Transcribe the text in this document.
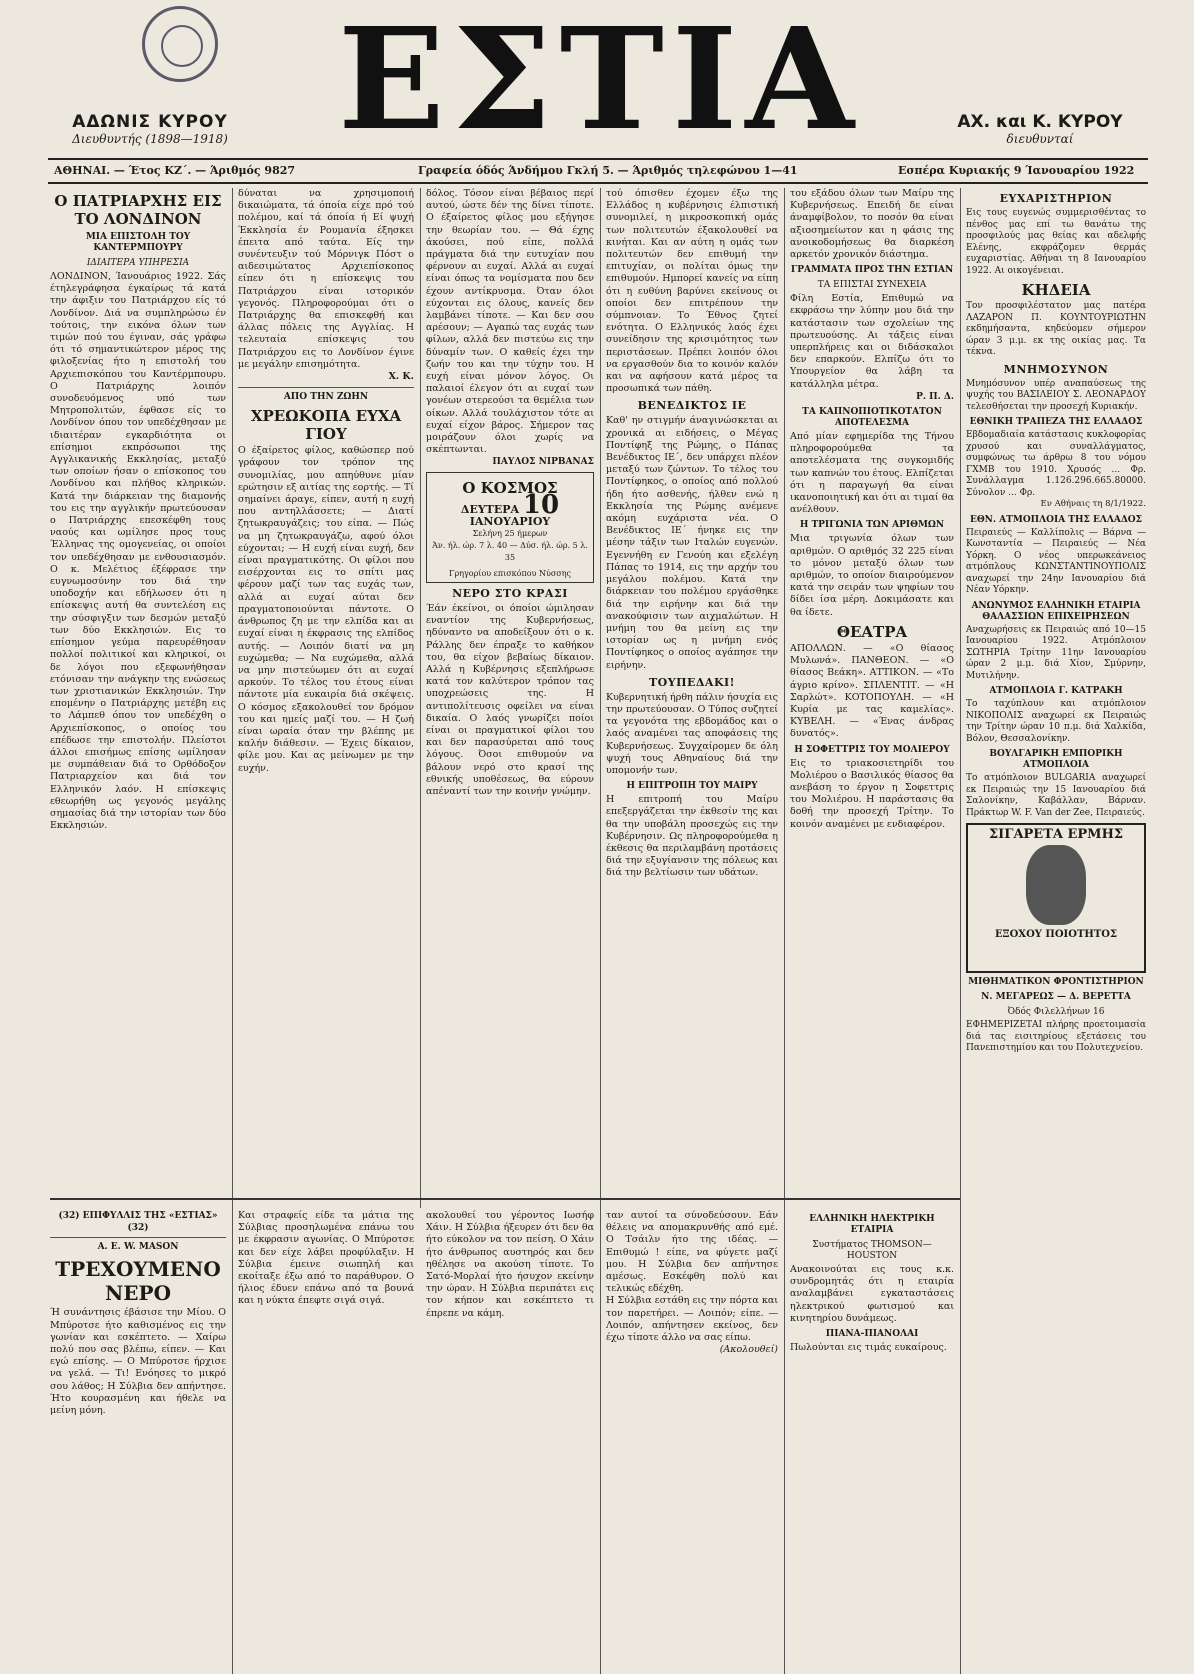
ΕΣΤΙΑ
ΑΔΩΝΙΣ ΚΥΡΟΥ
Διευθυντής (1898—1918)
ΑΧ. και Κ. ΚΥΡΟΥ
διευθυνταί
ΑΘΗΝΑΙ. — Έτος ΚΖ΄. — Άριθμός 9827	Γραφεία όδός Άνδήμου Γκλή 5. — Άριθμός τηλεφώνου 1—41	Εσπέρα Κυριακής 9 Ίανουαρίου 1922
Ο ΠΑΤΡΙΑΡΧΗΣ ΕΙΣ ΤΟ ΛΟΝΔΙΝΟΝ
ΜΙΑ ΕΠΙΣΤΟΛΗ ΤΟΥ ΚΑΝΤΕΡΜΠΟΥΡΥ
ΙΔΙΑΙΤΕΡΑ ΥΠΗΡΕΣΙΑ

ΛΟΝΔΙΝΟΝ, Ίανουάριος 1922. Σάς έτηλεγράφησα έγκαίρως τά κατά την άφιξιν του Πατριάρχου είς τό Λονδίνον. Διά να συμπληρώσω έν τούτοις, την εικόνα όλων των τιμών πού του έγιναν, σάς γράφω ότι τό σημαντικώτερον μέρος της φιλοξενίας ήτο η επιστολή του Αρχιεπισκόπου του Καντέρμπουρυ. Ο Πατριάρχης λοιπόν συνοδευόμενος υπό των Μητροπολιτών, έφθασε είς το Λονδίνον όπου τον υπεδέχθησαν με ιδιαιτέραν εγκαρδιότητα οι επίσημοι εκπρόσωποι της Αγγλικανικής Εκκλησίας, μεταξύ των οποίων ήσαν ο επίσκοπος του Λονδίνου και πλήθος κληρικών. Κατά την διάρκειαν της διαμονής του εις την αγγλικήν πρωτεύουσαν ο Πατριάρχης επεσκέφθη τους ναούς και ωμίλησε προς τους Έλληνας της ομογενείας, οι οποίοι τον υπεδέχθησαν με ενθουσιασμόν. Ο κ. Μελέτιος έξέφρασε την ευγνωμοσύνην του διά την υποδοχήν και εδήλωσεν ότι η επίσκεψις αυτή θα συντελέση εις την σύσφιγξιν των δεσμών μεταξύ των δύο Εκκλησιών. Εις το επίσημον γεύμα παρευρέθησαν πολλοί πολιτικοί και κληρικοί, οι δε λόγοι που εξεφωνήθησαν ετόνισαν την ανάγκην της ενώσεως των χριστιανικών Εκκλησιών. Την επομένην ο Πατριάρχης μετέβη εις το Λάμπεθ όπου τον υπεδέχθη ο Αρχιεπίσκοπος, ο οποίος του επέδωσε την επιστολήν. Πλείστοι άλλοι επισήμως επίσης ωμίλησαν με συμπάθειαν διά το Ορθόδοξον Πατριαρχείον και διά τον Ελληνικόν λαόν. Η επίσκεψις εθεωρήθη ως γεγονός μεγάλης σημασίας διά την ιστορίαν των δύο Εκκλησιών.

δύναται να χρησιμοποιή δικαιώματα, τά όποία είχε πρό τού πολέμου, καί τά όποία ή Εί ψυχή Έκκλησία έν Ρουμανία έξησκει έπειτα από ταύτα. Είς την συνέντευξιν τού Μόρνιγκ Πόστ ο αιδεσιμώτατος Αρχιεπίσκοπος είπεν ότι η επίσκεψις του Πατριάρχου είναι ιστορικόν γεγονός. Πληροφορούμαι ότι ο Πατριάρχης θα επισκεφθή και άλλας πόλεις της Αγγλίας. Η τελευταία επίσκεψις του Πατριάρχου εις το Λονδίνον έγινε με μεγάλην επισημότητα.

Χ. Κ.
ΑΠΟ ΤΗΝ ΖΩΗΝ
ΧΡΕΩΚΟΠΑ ΕΥΧΑ ΓΙΟΥ

Ο έξαίρετος φίλος, καθώσπερ πού γράφουν τον τρόπον της συνομιλίας, μου απηύθυνε μίαν ερώτησιν εξ αιτίας της εορτής. — Τί σημαίνει άραγε, είπεν, αυτή η ευχή που αντηλλάσσετε; — Διατί ζητωκραυγάζεις; του είπα. — Πώς να μη ζητωκραυγάζω, αφού όλοι εύχονται; — Η ευχή είναι ευχή, δεν είναι πραγματικότης. Οι φίλοι που εισέρχονται εις το σπίτι μας φέρουν μαζί των τας ευχάς των, αλλά αι ευχαί αύται δεν πραγματοποιούνται πάντοτε. Ο άνθρωπος ζη με την ελπίδα και αι ευχαί είναι η έκφρασις της ελπίδος αυτής. — Λοιπόν διατί να μη ευχώμεθα; — Να ευχώμεθα, αλλά να μην πιστεύωμεν ότι αι ευχαί αρκούν. Το τέλος του έτους είναι πάντοτε μία ευκαιρία διά σκέψεις. Ο κόσμος εξακολουθεί τον δρόμον του και ημείς μαζί του. — Η ζωή είναι ωραία όταν την βλέπης με καλήν διάθεσιν. — Έχεις δίκαιον, φίλε μου. Και ας μείνωμεν με την ευχήν.

δόλος. Τόσον είναι βέβαιος περί αυτού, ώστε δέν της δίνει τίποτε. Ο έξαίρετος φίλος μου εξήγησε την θεωρίαν του. — Θά έχης άκούσει, πού είπε, πολλά πράγματα διά την ευτυχίαν που φέρνουν αι ευχαί. Αλλά αι ευχαί είναι όπως τα νομίσματα που δεν έχουν αντίκρυσμα. Όταν όλοι εύχονται εις όλους, κανείς δεν λαμβάνει τίποτε. — Και δεν σου αρέσουν; — Αγαπώ τας ευχάς των φίλων, αλλά δεν πιστεύω εις την δύναμίν των. Ο καθείς έχει την ζωήν του και την τύχην του. Η ευχή είναι μόνον λόγος. Οι παλαιοί έλεγον ότι αι ευχαί των γονέων στερεούσι τα θεμέλια των οίκων. Αλλά τουλάχιστον τότε αι ευχαί είχον βάρος. Σήμερον τας μοιράζουν όλοι χωρίς να σκέπτωνται.

ΠΑΥΛΟΣ ΝΙΡΒΑΝΑΣ
Ο ΚΟΣΜΟΣ
ΔΕΥΤΕΡΑ 10 ΙΑΝΟΥΑΡΙΟΥ
Σελήνη 25 ήμερων
Άν. ήλ. ώρ. 7 λ. 40 — Δύσ. ήλ. ώρ. 5 λ. 35
Γρηγορίου επισκόπου Νύσσης
ΝΕΡΟ ΣΤΟ ΚΡΑΣΙ

Έάν έκείνοι, οι όποίοι ώμιλησαν εναντίον της Κυβερνήσεως, ηδύναντο να αποδείξουν ότι ο κ. Ράλλης δεν έπραξε το καθήκον του, θα είχον βεβαίως δίκαιον. Αλλά η Κυβέρνησις εξεπλήρωσε κατά τον καλύτερον τρόπον τας υποχρεώσεις της. Η αντιπολίτευσις οφείλει να είναι δικαία. Ο λαός γνωρίζει ποίοι είναι οι πραγματικοί φίλοι του και δεν παρασύρεται από τους λόγους. Όσοι επιθυμούν να βάλουν νερό στο κρασί της εθνικής υποθέσεως, θα εύρουν απέναντί των την κοινήν γνώμην.

τού όπισθεν έχομεν έξω της Ελλάδος η κυβέρνησις έλπιστική συνομιλεί, η μικροσκοπική ομάς των πολιτευτών έξακολουθεί να κινήται. Και αν αύτη η ομάς των πολιτευτών δεν επιθυμή την επιτυχίαν, οι πολίται όμως την επιθυμούν. Ημπορεί κανείς να είπη ότι η ευθύνη βαρύνει εκείνους οι οποίοι δεν επιτρέπουν την σύμπνοιαν. Το Έθνος ζητεί ενότητα. Ο Ελληνικός λαός έχει συνείδησιν της κρισιμότητος των περιστάσεων. Πρέπει λοιπόν όλοι να εργασθούν δια το κοινόν καλόν και να αφήσουν κατά μέρος τα προσωπικά των πάθη.

ΒΕΝΕΔΙΚΤΟΣ ΙΕ

Καθ' ην στιγμήν άναγινώσκεται αι χρονικά αι ειδήσεις, ο Μέγας Ποντίφηξ της Ρώμης, ο Πάπας Βενέδικτος ΙΕ΄, δεν υπάρχει πλέον μεταξύ των ζώντων. Το τέλος του Ποντίφηκος, ο οποίος από πολλού ήδη ήτο ασθενής, ήλθεν ενώ η Εκκλησία της Ρώμης ανέμενε ακόμη ευχάριστα νέα. Ο Βενέδικτος ΙΕ΄ ήνηκε εις την μέσην τάξιν των Ιταλών ευγενών. Εγεννήθη εν Γενούη και εξελέγη Πάπας το 1914, εις την αρχήν του μεγάλου πολέμου. Κατά την διάρκειαν του πολέμου εργάσθηκε διά την ειρήνην και διά την ανακούφισιν των αιχμαλώτων. Η μνήμη του θα μείνη εις την ιστορίαν ως η μνήμη ενός Ποντίφηκος ο οποίος αγάπησε την ειρήνην.

ΤΟΥΠΕΔΑΚΙ!

Κυβερνητική ήρθη πάλιν ήσυχία εις την πρωτεύουσαν. Ο Τύπος συζητεί τα γεγονότα της εβδομάδος και ο λαός αναμένει τας αποφάσεις της Κυβερνήσεως. Συγχαίρομεν δε όλη ψυχή τους Αθηναίους διά την υπομονήν των.

Η ΕΠΙΤΡΟΠΗ ΤΟΥ ΜΑΙΡΥ

Η επιτροπή του Μαίρυ επεξεργάζεται την έκθεσίν της και θα την υποβάλη προσεχώς εις την Κυβέρνησιν. Ως πληροφορούμεθα η έκθεσις θα περιλαμβάνη προτάσεις διά την εξυγίανσιν της πόλεως και διά την βελτίωσιν των υδάτων.

του εξάδου όλων των Μαίρυ της Κυβερνήσεως. Επειδή δε είναι άναμφίβολον, το ποσόν θα είναι αξιοσημείωτον και η φάσις της ανοικοδομήσεως θα διαρκέση αρκετόν χρονικόν διάστημα.

ΓΡΑΜΜΑΤΑ ΠΡΟΣ ΤΗΝ ΕΣΤΙΑΝ
ΤΑ ΕΠΙΣΤΑΙ ΣΥΝΕΧΕΙΑ

Φίλη Εστία, Επιθυμώ να εκφράσω την λύπην μου διά την κατάστασιν των σχολείων της πρωτευούσης. Αι τάξεις είναι υπερπλήρεις και οι διδάσκαλοι δεν επαρκούν. Ελπίζω ότι το Υπουργείον θα λάβη τα κατάλληλα μέτρα.

Ρ. Π. Δ.
ΤΑ ΚΑΠΝΟΠΙΟΤΙΚΟΤΑΤΟΝ ΑΠΟΤΕΛΕΣΜΑ

Από μίαν εφημερίδα της Τήνου πληροφορούμεθα τα αποτελέσματα της συγκομιδής των καπνών του έτους. Ελπίζεται ότι η παραγωγή θα είναι ικανοποιητική και ότι αι τιμαί θα ανέλθουν.

Η ΤΡΙΓΩΝΙΑ ΤΩΝ ΑΡΙΘΜΩΝ

Μια τριγωνία όλων των αριθμών. Ο αριθμός 32 225 είναι το μόνον μεταξύ όλων των αριθμών, το οποίον διαιρούμενον κατά την σειράν των ψηφίων του δίδει ίσα μέρη. Δοκιμάσατε και θα ίδετε.

ΘΕΑΤΡΑ

ΑΠΟΛΛΩΝ. — «Ο θίασος Μυλωνά». ΠΑΝΘΕΟΝ. — «Ο θίασος Βεάκη». ΑΤΤΙΚΟΝ. — «Το άγριο κρίνο». ΣΠΛΕΝΤΙΤ. — «Η Σαρλώτ». ΚΟΤΟΠΟΥΛΗ. — «Η Κυρία με τας καμελίας». ΚΥΒΕΛΗ. — «Ένας άνδρας δυνατός».

Η ΣΟΦΕΤΤΡΙΣ ΤΟΥ ΜΟΛΙΕΡΟΥ

Εις το τριακοσιετηρίδι του Μολιέρου ο Βασιλικός θίασος θα ανεβάση το έργον η Σοφεττρις του Μολιέρου. Η παράστασις θα δοθή την προσεχή Τρίτην. Το κοινόν αναμένει με ενδιαφέρον.

ΕΥΧΑΡΙΣΤΗΡΙΟΝ

Εις τους ευγενώς συμμερισθέντας το πένθος μας επί τω θανάτω της προσφιλούς μας θείας και αδελφής Ελένης, εκφράζομεν θερμάς ευχαριστίας. Αθήναι τη 8 Ιανουαρίου 1922. Αι οικογένειαι.

ΚΗΔΕΙΑ

Τον προσφιλέστατον μας πατέρα ΛΑΖΑΡΟΝ Π. ΚΟΥΝΤΟΥΡΙΩΤΗΝ εκδημήσαντα, κηδεύομεν σήμερον ώραν 3 μ.μ. εκ της οικίας μας. Τα τέκνα.

ΜΝΗΜΟΣΥΝΟΝ

Μνημόσυνον υπέρ αναπαύσεως της ψυχής του ΒΑΣΙΛΕΙΟΥ Σ. ΛΕΟΝΑΡΔΟΥ τελεσθήσεται την προσεχή Κυριακήν.

ΕΘΝΙΚΗ ΤΡΑΠΕΖΑ ΤΗΣ ΕΛΛΑΔΟΣ

Εβδομαδιαία κατάστασις κυκλοφορίας χρυσού και συναλλάγματος, συμφώνως τω άρθρω 8 του νόμου ΓΧΜΒ του 1910. Χρυσός ... Φρ. Συνάλλαγμα 1.126.296.665.80000. Σύνολον ... Φρ.

Εν Αθήναις τη 8/1/1922.
ΕΘΝ. ΑΤΜΟΠΛΟΙΑ ΤΗΣ ΕΛΛΑΔΟΣ

Πειραιεύς — Καλλίπολις — Βάρνα — Κωνσταντία — Πειραιεύς — Νέα Υόρκη. Ο νέος υπερωκεάνειος ατμόπλους ΚΩΝΣΤΑΝΤΙΝΟΥΠΟΛΙΣ αναχωρεί την 24ην Ιανουαρίου διά Νέαν Υόρκην.

ΑΝΩΝΥΜΟΣ ΕΛΛΗΝΙΚΗ ΕΤΑΙΡΙΑ ΘΑΛΑΣΣΙΩΝ ΕΠΙΧΕΙΡΗΣΕΩΝ

Αναχωρήσεις εκ Πειραιώς από 10—15 Ιανουαρίου 1922. Ατμόπλοιον ΣΩΤΗΡΙΑ Τρίτην 11ην Ιανουαρίου ώραν 2 μ.μ. διά Χίον, Σμύρνην, Μυτιλήνην.

ΑΤΜΟΠΛΟΙΑ Γ. ΚΑΤΡΑΚΗ

Το ταχύπλουν και ατμόπλοιον ΝΙΚΟΠΟΛΙΣ αναχωρεί εκ Πειραιώς την Τρίτην ώραν 10 π.μ. διά Χαλκίδα, Βόλον, Θεσσαλονίκην.

ΒΟΥΛΓΑΡΙΚΗ ΕΜΠΟΡΙΚΗ ΑΤΜΟΠΛΟΙΑ

Το ατμόπλοιον BULGARIA αναχωρεί εκ Πειραιώς την 15 Ιανουαρίου διά Σαλονίκην, Καβάλλαν, Βάρναν. Πράκτωρ W. F. Van der Zee, Πειραιεύς.

ΣΙΓΑΡΕΤΑ ΕΡΜΗΣ
ΕΞΟΧΟΥ ΠΟΙΟΤΗΤΟΣ
ΜΙΘΗΜΑΤΙΚΟΝ ΦΡΟΝΤΙΣΤΗΡΙΟΝ
Ν. ΜΕΓΑΡΕΩΣ — Δ. ΒΕΡΕΤΤΑ
Όδός Φιλελλήνων 16

ΕΦΗΜΕΡΙΖΕΤΑΙ πλήρης προετοιμασία διά τας εισιτηρίους εξετάσεις του Πανεπιστημίου και του Πολυτεχνείου.

(32) ΕΠΙΦΥΛΛΙΣ ΤΗΣ «ΕΣΤΙΑΣ» (32)
A. E. W. MASON
ΤΡΕΧΟΥΜΕΝΟ ΝΕΡΟ

Ή συνάντησις έβάσισε την Μίου. Ο Μπύροτσε ήτο καθισμένος εις την γωνίαν και εσκέπτετο. — Χαίρω πολύ που σας βλέπω, είπεν. — Και εγώ επίσης. — Ο Μπύροτσε ήρχισε να γελά. — Τι! Ενόησες το μικρό σου λάθος; Η Σύλβια δεν απήντησε. Ήτο κουρασμένη και ήθελε να μείνη μόνη.

Και στραφείς είδε τα μάτια της Σύλβιας προσηλωμένα επάνω του με έκφρασιν αγωνίας. Ο Μπύροτσε και δεν είχε λάβει προφύλαξιν. Η Σύλβια έμεινε σιωπηλή και εκοίταξε έξω από το παράθυρον. Ο ήλιος έδυεν επάνω από τα βουνά και η νύκτα έπεφτε σιγά σιγά.

ακολουθεί του γέροντος Ιωσήφ Χάιν. Η Σύλβια ήξευρεν ότι δεν θα ήτο εύκολον να τον πείση. Ο Χάιν ήτο άνθρωπος αυστηρός και δεν ηθέλησε να ακούση τίποτε. Το Σατό-Μορλαί ήτο ήσυχον εκείνην την ώραν. Η Σύλβια περιπάτει εις τον κήπον και εσκέπτετο τι έπρεπε να κάμη.

ταν αυτοί τα σύνοδεύσουν. Εάν θέλεις να απομακρυνθής από εμέ. Ο Τσάιλν ήτο της ιδέας. — Επιθυμώ ! είπε, να φύγετε μαζί μου. Η Σύλβια δεν απήντησε αμέσως. Εσκέφθη πολύ και τελικώς εδέχθη.

Η Σύλβια εστάθη εις την πόρτα και τον παρετήρει. — Λοιπόν; είπε. — Λοιπόν, απήντησεν εκείνος, δεν έχω τίποτε άλλο να σας είπω.

(Ακολουθεί)
ΕΛΛΗΝΙΚΗ ΗΛΕΚΤΡΙΚΗ ΕΤΑΙΡΙΑ
Συστήματος THOMSON—HOUSTON

Ανακοινούται εις τους κ.κ. συνδρομητάς ότι η εταιρία αναλαμβάνει εγκαταστάσεις ηλεκτρικού φωτισμού και κινητηρίου δυνάμεως.

ΠΙΑΝΑ-ΠΙΑΝΟΛΑΙ

Πωλούνται εις τιμάς ευκαίρους.
